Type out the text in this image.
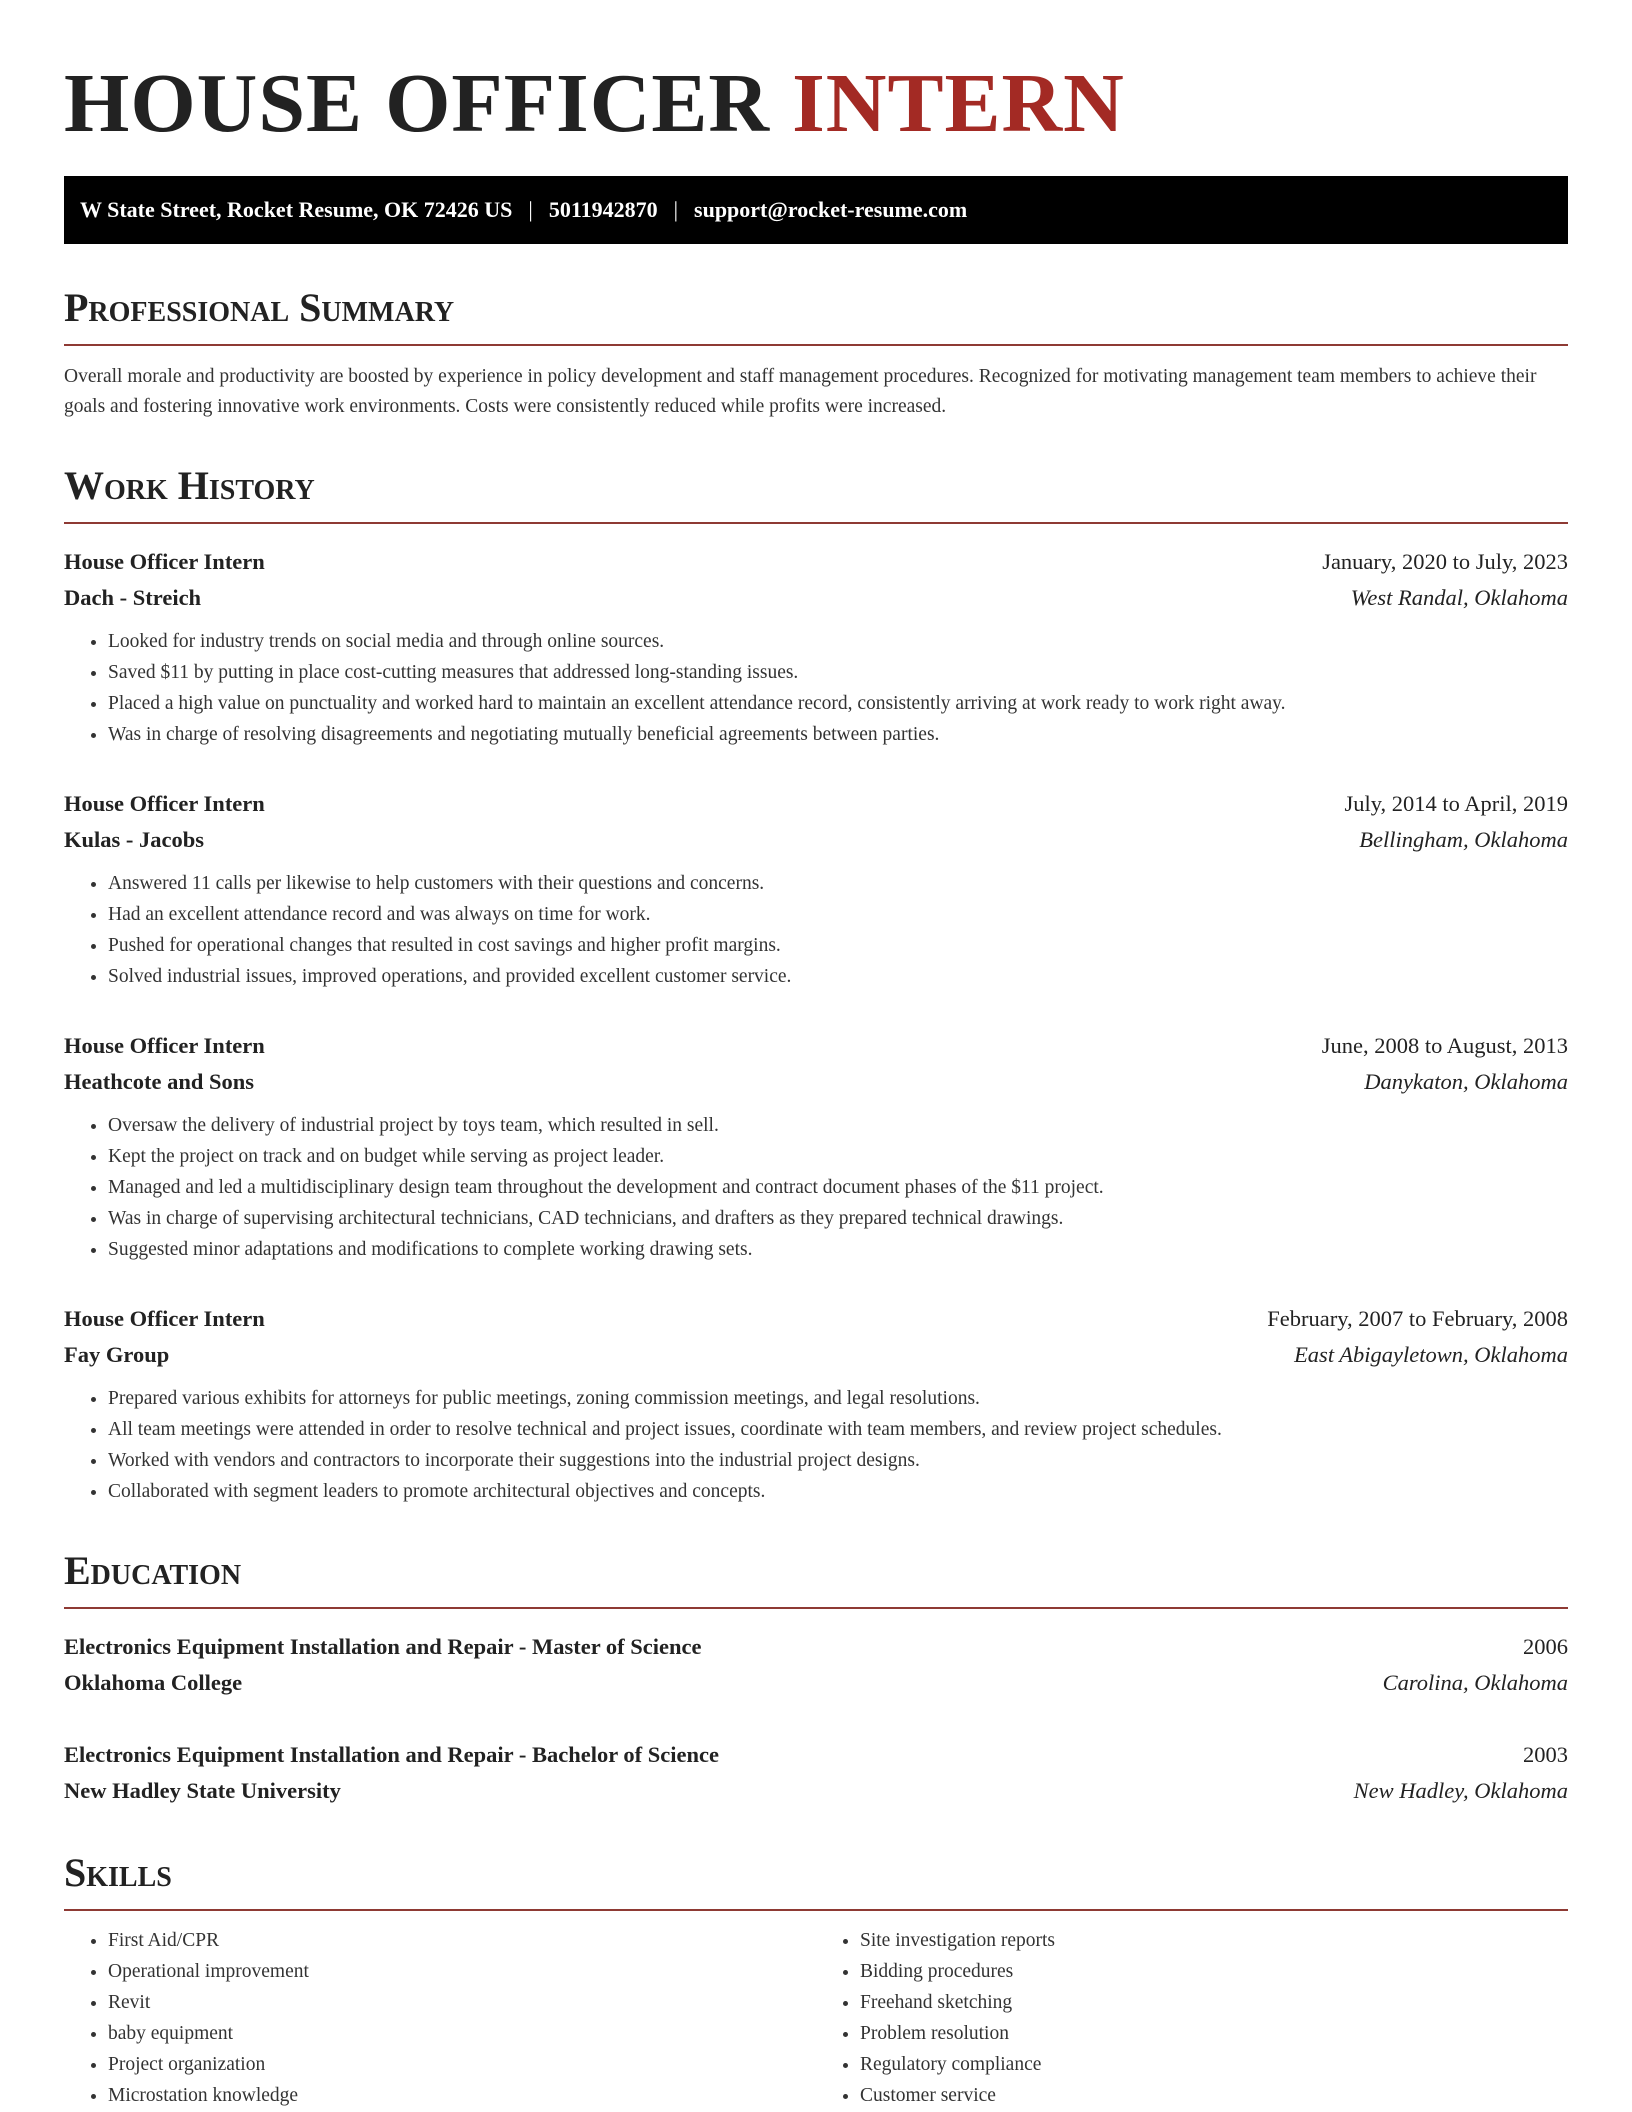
HOUSE OFFICER INTERN
W State Street, Rocket Resume, OK 72426 US | 5011942870 | support@rocket-resume.com
Professional Summary

Overall morale and productivity are boosted by experience in policy development and staff management procedures. Recognized for motivating management team members to achieve their goals and fostering innovative work environments. Costs were consistently reduced while profits were increased.

Work History
House Officer Intern	January, 2020 to July, 2023
Dach - Streich	West Randal, Oklahoma
• Looked for industry trends on social media and through online sources.
• Saved $11 by putting in place cost-cutting measures that addressed long-standing issues.
• Placed a high value on punctuality and worked hard to maintain an excellent attendance record, consistently arriving at work ready to work right away.
• Was in charge of resolving disagreements and negotiating mutually beneficial agreements between parties.
House Officer Intern	July, 2014 to April, 2019
Kulas - Jacobs	Bellingham, Oklahoma
• Answered 11 calls per likewise to help customers with their questions and concerns.
• Had an excellent attendance record and was always on time for work.
• Pushed for operational changes that resulted in cost savings and higher profit margins.
• Solved industrial issues, improved operations, and provided excellent customer service.
House Officer Intern	June, 2008 to August, 2013
Heathcote and Sons	Danykaton, Oklahoma
• Oversaw the delivery of industrial project by toys team, which resulted in sell.
• Kept the project on track and on budget while serving as project leader.
• Managed and led a multidisciplinary design team throughout the development and contract document phases of the $11 project.
• Was in charge of supervising architectural technicians, CAD technicians, and drafters as they prepared technical drawings.
• Suggested minor adaptations and modifications to complete working drawing sets.
House Officer Intern	February, 2007 to February, 2008
Fay Group	East Abigayletown, Oklahoma
• Prepared various exhibits for attorneys for public meetings, zoning commission meetings, and legal resolutions.
• All team meetings were attended in order to resolve technical and project issues, coordinate with team members, and review project schedules.
• Worked with vendors and contractors to incorporate their suggestions into the industrial project designs.
• Collaborated with segment leaders to promote architectural objectives and concepts.
Education
Electronics Equipment Installation and Repair - Master of Science	2006
Oklahoma College	Carolina, Oklahoma
Electronics Equipment Installation and Repair - Bachelor of Science	2003
New Hadley State University	New Hadley, Oklahoma
Skills
• First Aid/CPR
• Operational improvement
• Revit
• baby equipment
• Project organization
• Microstation knowledge
• Site investigation reports
• Bidding procedures
• Freehand sketching
• Problem resolution
• Regulatory compliance
• Customer service
